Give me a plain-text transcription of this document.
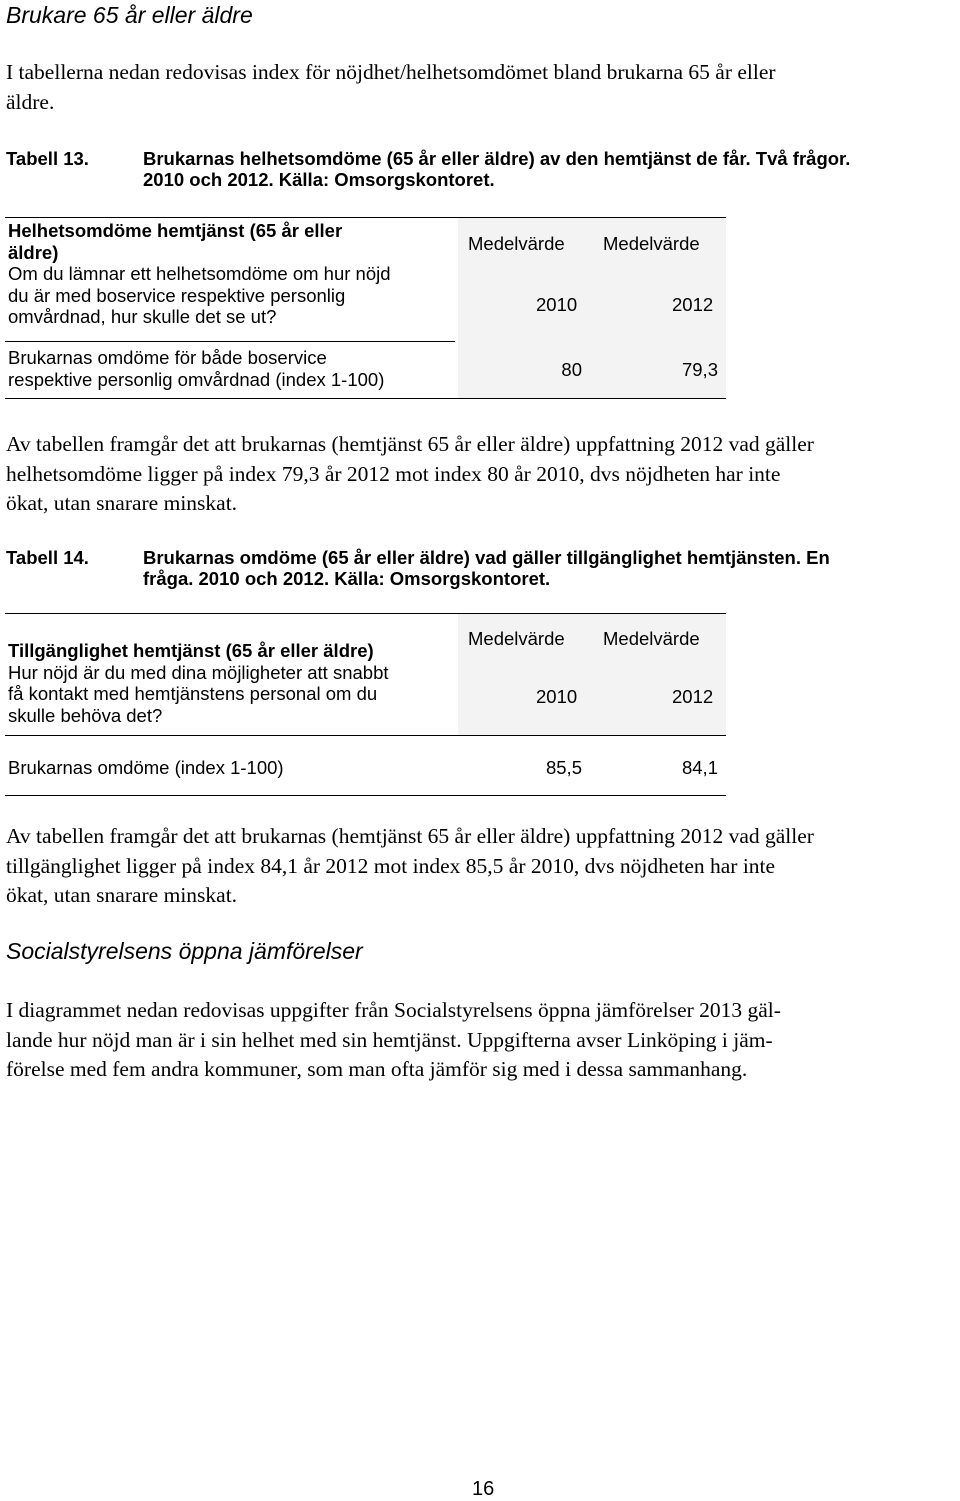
Brukare 65 år eller äldre
I tabellerna nedan redovisas index för nöjdhet/helhetsomdömet bland brukarna 65 år eller
äldre.
Tabell 13.	Brukarnas helhetsomdöme (65 år eller äldre) av den hemtjänst de får. Två frågor.
2010 och 2012. Källa: Omsorgskontoret.
Helhetsomdöme hemtjänst (65 år eller
äldre)
Om du lämnar ett helhetsomdöme om hur nöjd
du är med boservice respektive personlig
omvårdnad, hur skulle det se ut?
Medelvärde Medelvärde
2010	2012
Brukarnas omdöme för både boservice
respektive personlig omvårdnad (index 1-100)	80	79,3
Av tabellen framgår det att brukarnas (hemtjänst 65 år eller äldre) uppfattning 2012 vad gäller
helhetsomdöme ligger på index 79,3 år 2012 mot index 80 år 2010, dvs nöjdheten har inte
ökat, utan snarare minskat.
Tabell 14.	Brukarnas omdöme (65 år eller äldre) vad gäller tillgänglighet hemtjänsten. En
fråga. 2010 och 2012. Källa: Omsorgskontoret.
Tillgänglighet hemtjänst (65 år eller äldre)
Hur nöjd är du med dina möjligheter att snabbt
få kontakt med hemtjänstens personal om du
skulle behöva det?
Medelvärde Medelvärde
2010	2012
Brukarnas omdöme (index 1-100)	85,5	84,1
Av tabellen framgår det att brukarnas (hemtjänst 65 år eller äldre) uppfattning 2012 vad gäller
tillgänglighet ligger på index 84,1 år 2012 mot index 85,5 år 2010, dvs nöjdheten har inte
ökat, utan snarare minskat.
Socialstyrelsens öppna jämförelser
I diagrammet nedan redovisas uppgifter från Socialstyrelsens öppna jämförelser 2013 gäl-
lande hur nöjd man är i sin helhet med sin hemtjänst. Uppgifterna avser Linköping i jäm-
förelse med fem andra kommuner, som man ofta jämför sig med i dessa sammanhang.
16
